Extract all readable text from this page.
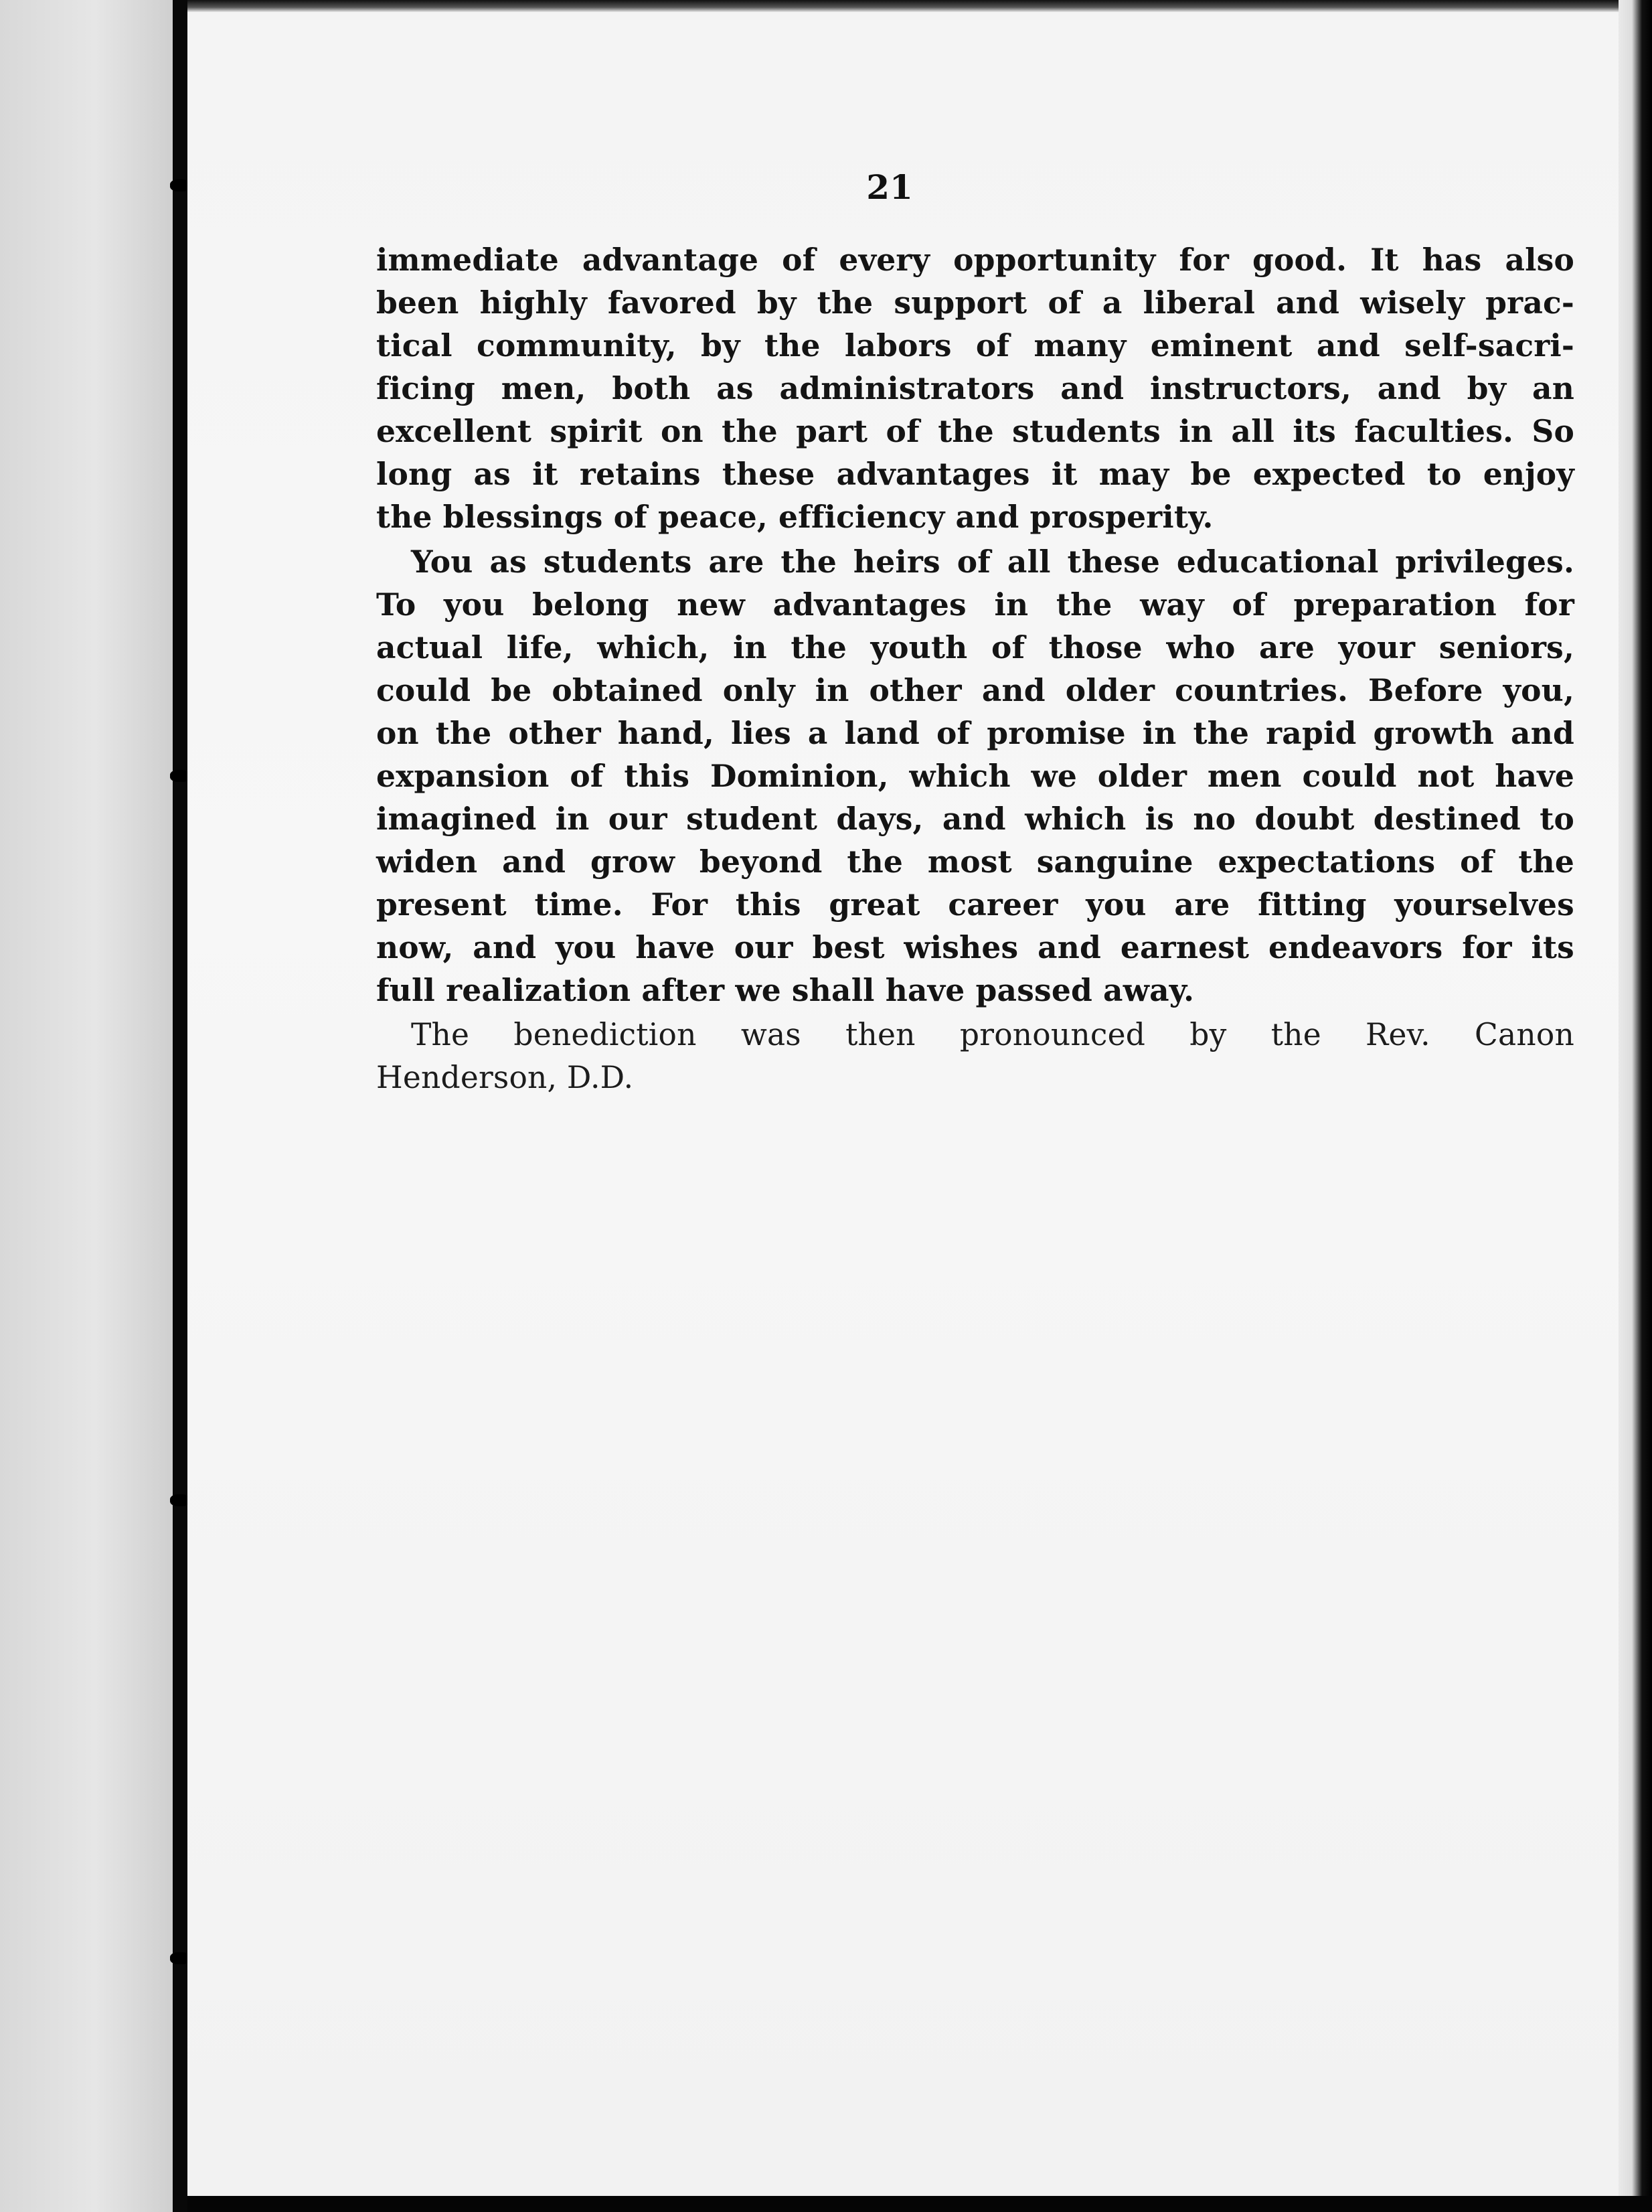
21
immediate advantage of every opportunity for good. It has also
been highly favored by the support of a liberal and wisely prac-
tical community, by the labors of many eminent and self-sacri-
ficing men, both as administrators and instructors, and by an
excellent spirit on the part of the students in all its faculties. So
long as it retains these advantages it may be expected to enjoy
the blessings of peace, efficiency and prosperity.
You as students are the heirs of all these educational privileges.
To you belong new advantages in the way of preparation for
actual life, which, in the youth of those who are your seniors,
could be obtained only in other and older countries. Before you,
on the other hand, lies a land of promise in the rapid growth and
expansion of this Dominion, which we older men could not have
imagined in our student days, and which is no doubt destined to
widen and grow beyond the most sanguine expectations of the
present time. For this great career you are fitting yourselves
now, and you have our best wishes and earnest endeavors for its
full realization after we shall have passed away.
The benediction was then pronounced by the Rev. Canon
Henderson, D.D.
